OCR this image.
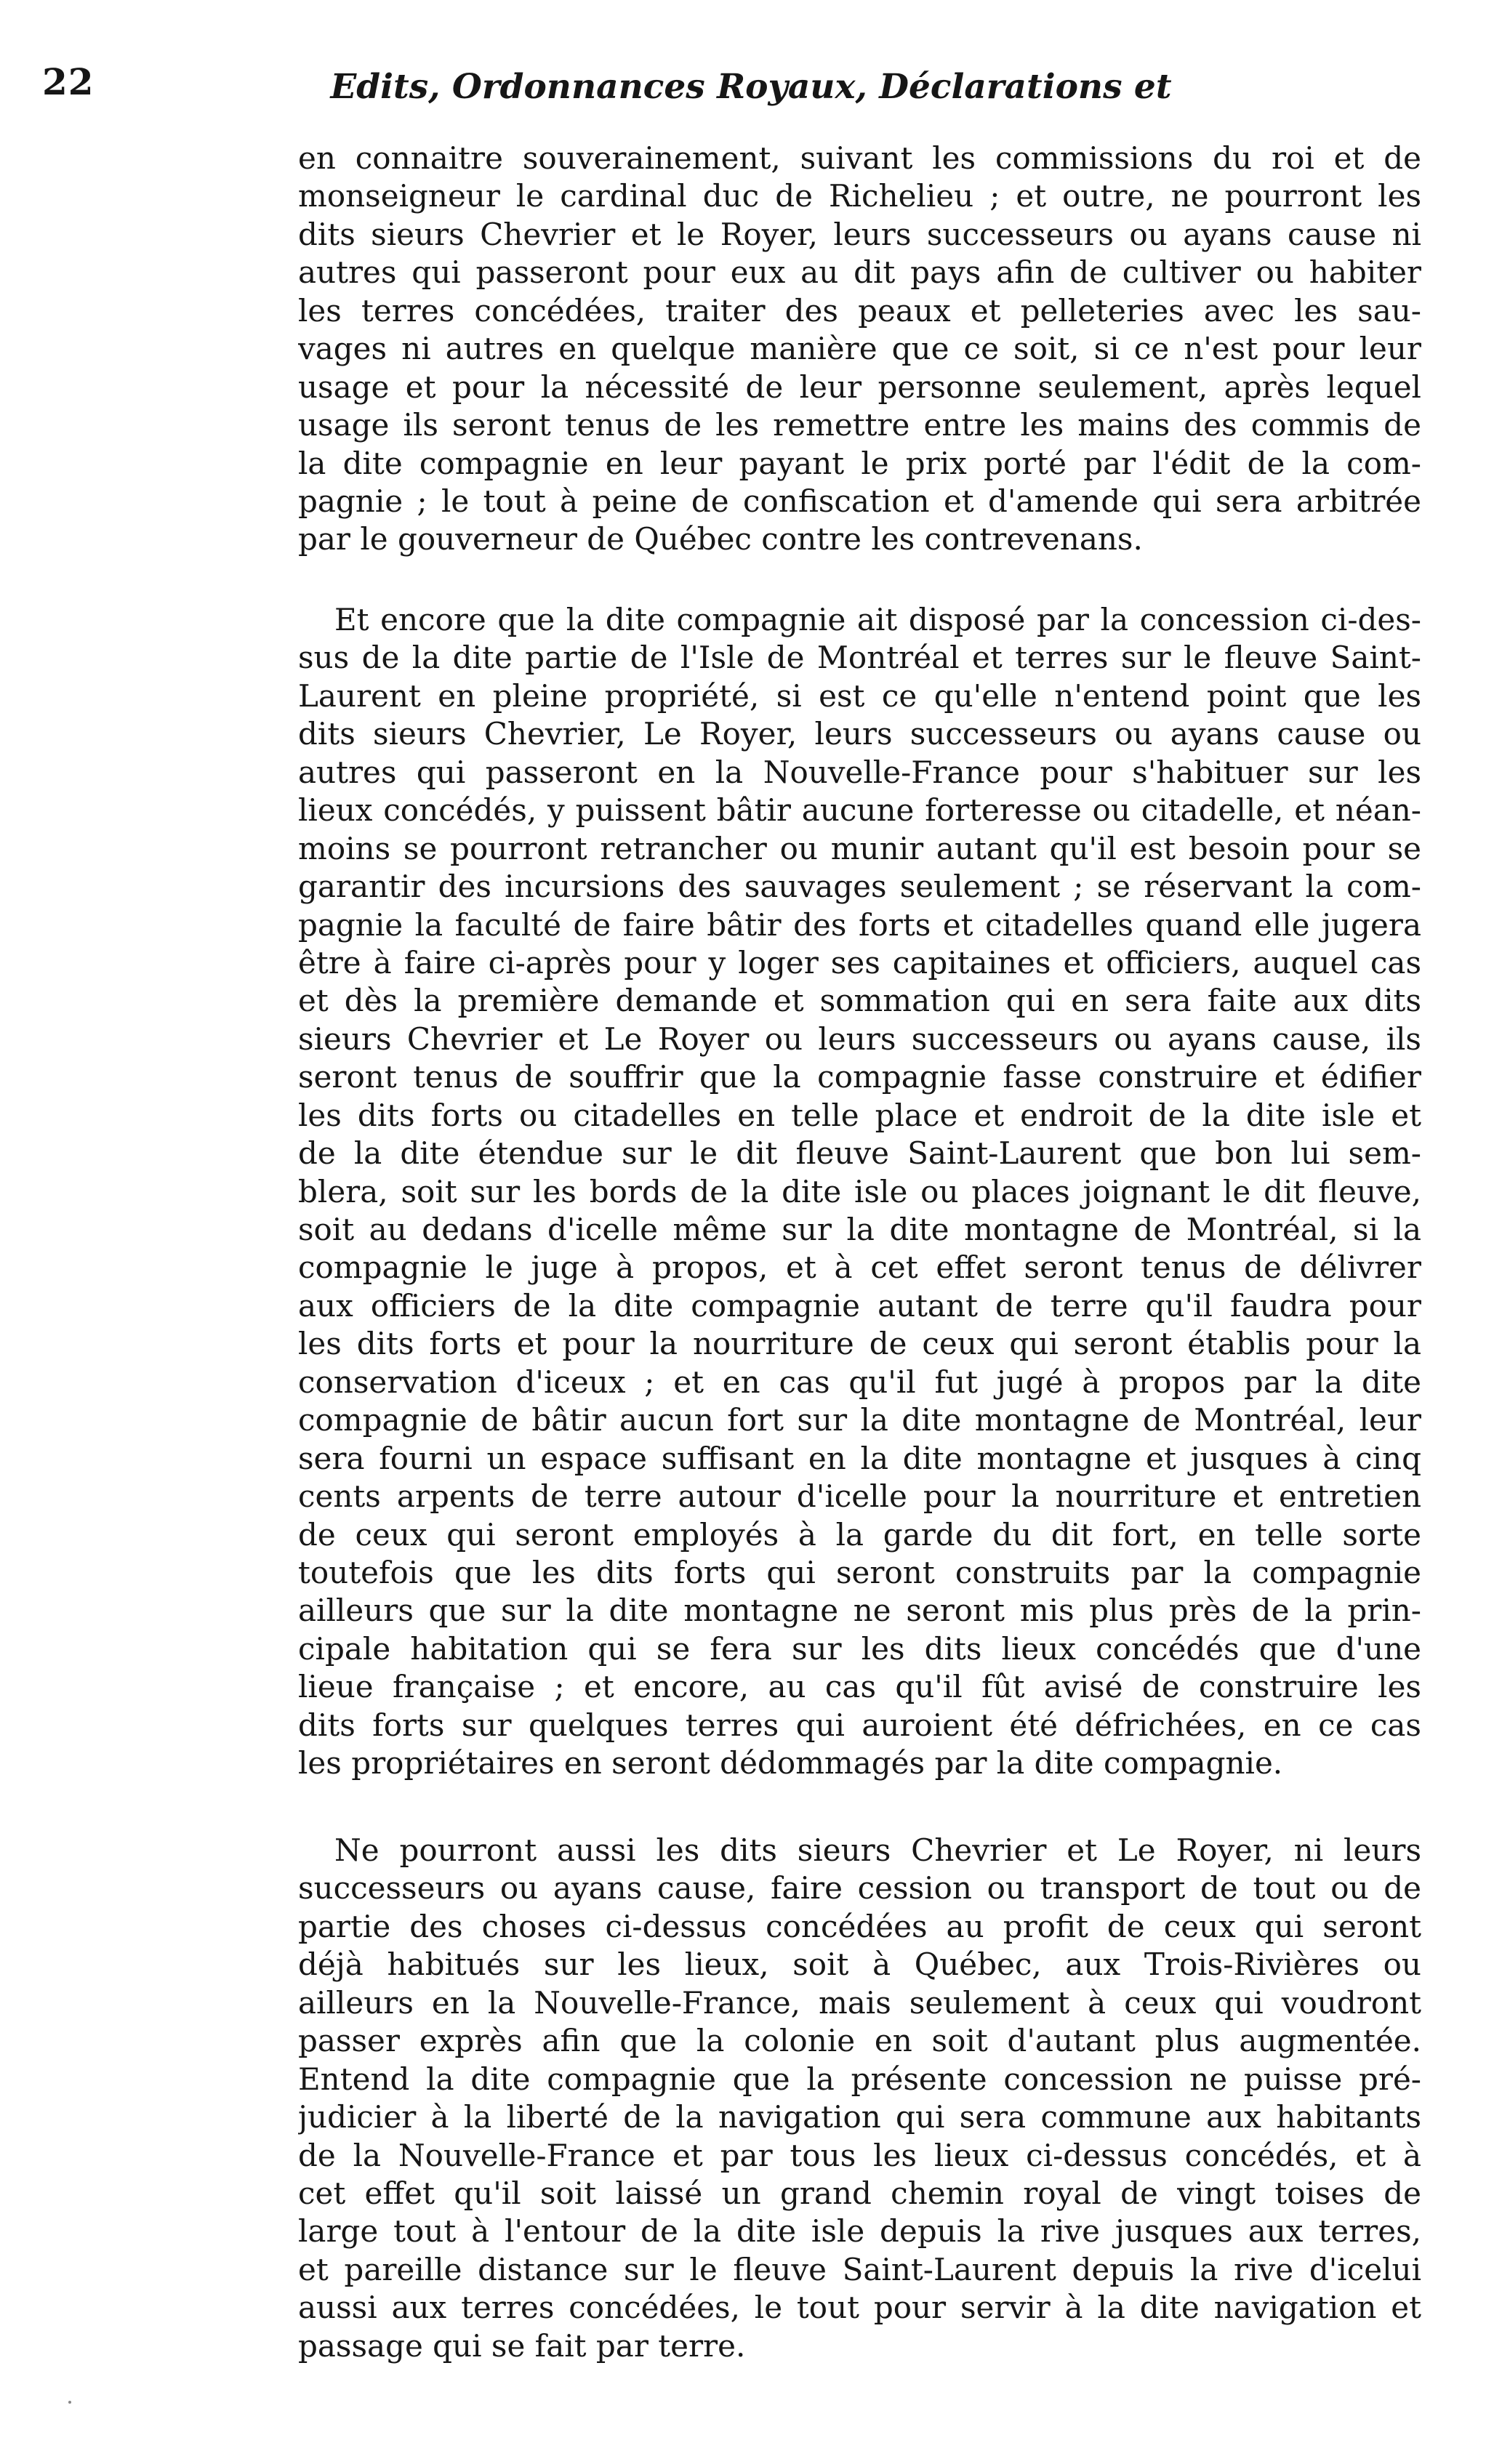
22	Edits, Ordonnances Royaux, Déclarations et
en connaitre souverainement, suivant les commissions du roi et de
monseigneur le cardinal duc de Richelieu ; et outre, ne pourront les
dits sieurs Chevrier et le Royer, leurs successeurs ou ayans cause ni
autres qui passeront pour eux au dit pays afin de cultiver ou habiter
les terres concédées, traiter des peaux et pelleteries avec les sau-
vages ni autres en quelque manière que ce soit, si ce n'est pour leur
usage et pour la nécessité de leur personne seulement, après lequel
usage ils seront tenus de les remettre entre les mains des commis de
la dite compagnie en leur payant le prix porté par l'édit de la com-
pagnie ; le tout à peine de confiscation et d'amende qui sera arbitrée
par le gouverneur de Québec contre les contrevenans.
Et encore que la dite compagnie ait disposé par la concession ci-des-
sus de la dite partie de l'Isle de Montréal et terres sur le fleuve Saint-
Laurent en pleine propriété, si est ce qu'elle n'entend point que les
dits sieurs Chevrier, Le Royer, leurs successeurs ou ayans cause ou
autres qui passeront en la Nouvelle-France pour s'habituer sur les
lieux concédés, y puissent bâtir aucune forteresse ou citadelle, et néan-
moins se pourront retrancher ou munir autant qu'il est besoin pour se
garantir des incursions des sauvages seulement ; se réservant la com-
pagnie la faculté de faire bâtir des forts et citadelles quand elle jugera
être à faire ci-après pour y loger ses capitaines et officiers, auquel cas
et dès la première demande et sommation qui en sera faite aux dits
sieurs Chevrier et Le Royer ou leurs successeurs ou ayans cause, ils
seront tenus de souffrir que la compagnie fasse construire et édifier
les dits forts ou citadelles en telle place et endroit de la dite isle et
de la dite étendue sur le dit fleuve Saint-Laurent que bon lui sem-
blera, soit sur les bords de la dite isle ou places joignant le dit fleuve,
soit au dedans d'icelle même sur la dite montagne de Montréal, si la
compagnie le juge à propos, et à cet effet seront tenus de délivrer
aux officiers de la dite compagnie autant de terre qu'il faudra pour
les dits forts et pour la nourriture de ceux qui seront établis pour la
conservation d'iceux ; et en cas qu'il fut jugé à propos par la dite
compagnie de bâtir aucun fort sur la dite montagne de Montréal, leur
sera fourni un espace suffisant en la dite montagne et jusques à cinq
cents arpents de terre autour d'icelle pour la nourriture et entretien
de ceux qui seront employés à la garde du dit fort, en telle sorte
toutefois que les dits forts qui seront construits par la compagnie
ailleurs que sur la dite montagne ne seront mis plus près de la prin-
cipale habitation qui se fera sur les dits lieux concédés que d'une
lieue française ; et encore, au cas qu'il fût avisé de construire les
dits forts sur quelques terres qui auroient été défrichées, en ce cas
les propriétaires en seront dédommagés par la dite compagnie.
Ne pourront aussi les dits sieurs Chevrier et Le Royer, ni leurs
successeurs ou ayans cause, faire cession ou transport de tout ou de
partie des choses ci-dessus concédées au profit de ceux qui seront
déjà habitués sur les lieux, soit à Québec, aux Trois-Rivières ou
ailleurs en la Nouvelle-France, mais seulement à ceux qui voudront
passer exprès afin que la colonie en soit d'autant plus augmentée.
Entend la dite compagnie que la présente concession ne puisse pré-
judicier à la liberté de la navigation qui sera commune aux habitants
de la Nouvelle-France et par tous les lieux ci-dessus concédés, et à
cet effet qu'il soit laissé un grand chemin royal de vingt toises de
large tout à l'entour de la dite isle depuis la rive jusques aux terres,
et pareille distance sur le fleuve Saint-Laurent depuis la rive d'icelui
aussi aux terres concédées, le tout pour servir à la dite navigation et
passage qui se fait par terre.
